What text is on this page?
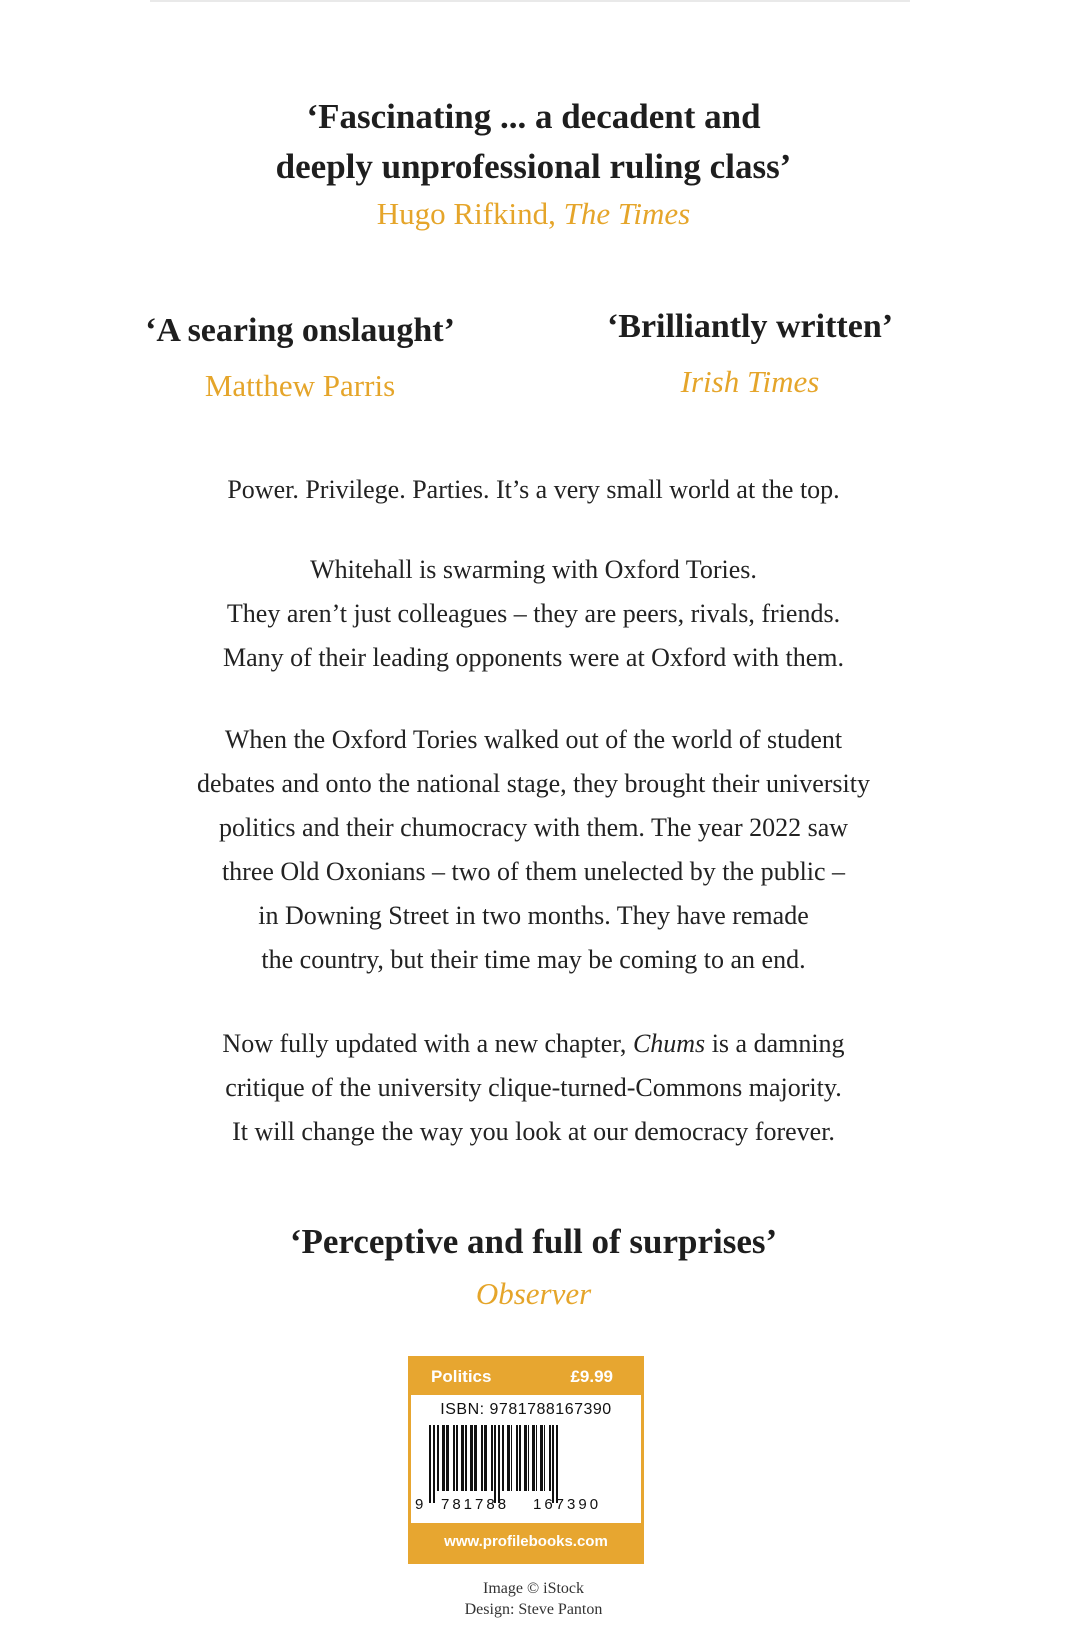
‘Fascinating ... a decadent and
deeply unprofessional ruling class’
Hugo Rifkind, The Times
‘A searing onslaught’
Matthew Parris
‘Brilliantly written’
Irish Times
Power. Privilege. Parties. It’s a very small world at the top.
Whitehall is swarming with Oxford Tories.
They aren’t just colleagues – they are peers, rivals, friends.
Many of their leading opponents were at Oxford with them.
When the Oxford Tories walked out of the world of student
debates and onto the national stage, they brought their university
politics and their chumocracy with them. The year 2022 saw
three Old Oxonians – two of them unelected by the public –
in Downing Street in two months. They have remade
the country, but their time may be coming to an end.
Now fully updated with a new chapter, Chums is a damning
critique of the university clique-turned-Commons majority.
It will change the way you look at our democracy forever.
‘Perceptive and full of surprises’
Observer
Politics	£9.99
ISBN: 9781788167390
9 781788 167390
www.profilebooks.com
Image © iStock
Design: Steve Panton
